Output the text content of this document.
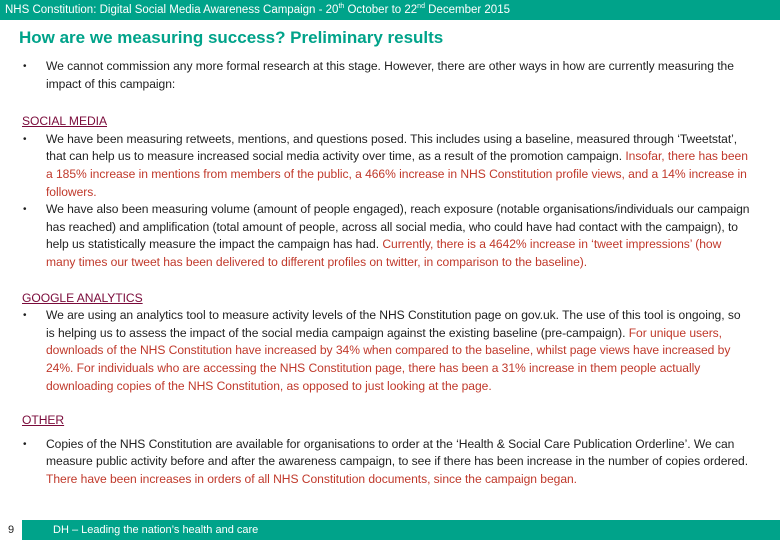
NHS Constitution: Digital Social Media Awareness Campaign - 20th October to 22nd December 2015
How are we measuring success? Preliminary results
• We cannot commission any more formal research at this stage. However, there are other ways in how are currently measuring the impact of this campaign:
SOCIAL MEDIA
• We have been measuring retweets, mentions, and questions posed. This includes using a baseline, measured through ‘Tweetstat’, that can help us to measure increased social media activity over time, as a result of the promotion campaign. Insofar, there has been a 185% increase in mentions from members of the public, a 466% increase in NHS Constitution profile views, and a 14% increase in followers.
• We have also been measuring volume (amount of people engaged), reach exposure (notable organisations/individuals our campaign has reached) and amplification (total amount of people, across all social media, who could have had contact with the campaign), to help us statistically measure the impact the campaign has had. Currently, there is a 4642% increase in ‘tweet impressions’ (how many times our tweet has been delivered to different profiles on twitter, in comparison to the baseline).
GOOGLE ANALYTICS
• We are using an analytics tool to measure activity levels of the NHS Constitution page on gov.uk. The use of this tool is ongoing, so is helping us to assess the impact of the social media campaign against the existing baseline (pre-campaign). For unique users, downloads of the NHS Constitution have increased by 34% when compared to the baseline, whilst page views have increased by 24%. For individuals who are accessing the NHS Constitution page, there has been a 31% increase in them people actually downloading copies of the NHS Constitution, as opposed to just looking at the page.
OTHER
• Copies of the NHS Constitution are available for organisations to order at the ‘Health & Social Care Publication Orderline’. We can measure public activity before and after the awareness campaign, to see if there has been increase in the number of copies ordered. There have been increases in orders of all NHS Constitution documents, since the campaign began.
9	DH – Leading the nation’s health and care
